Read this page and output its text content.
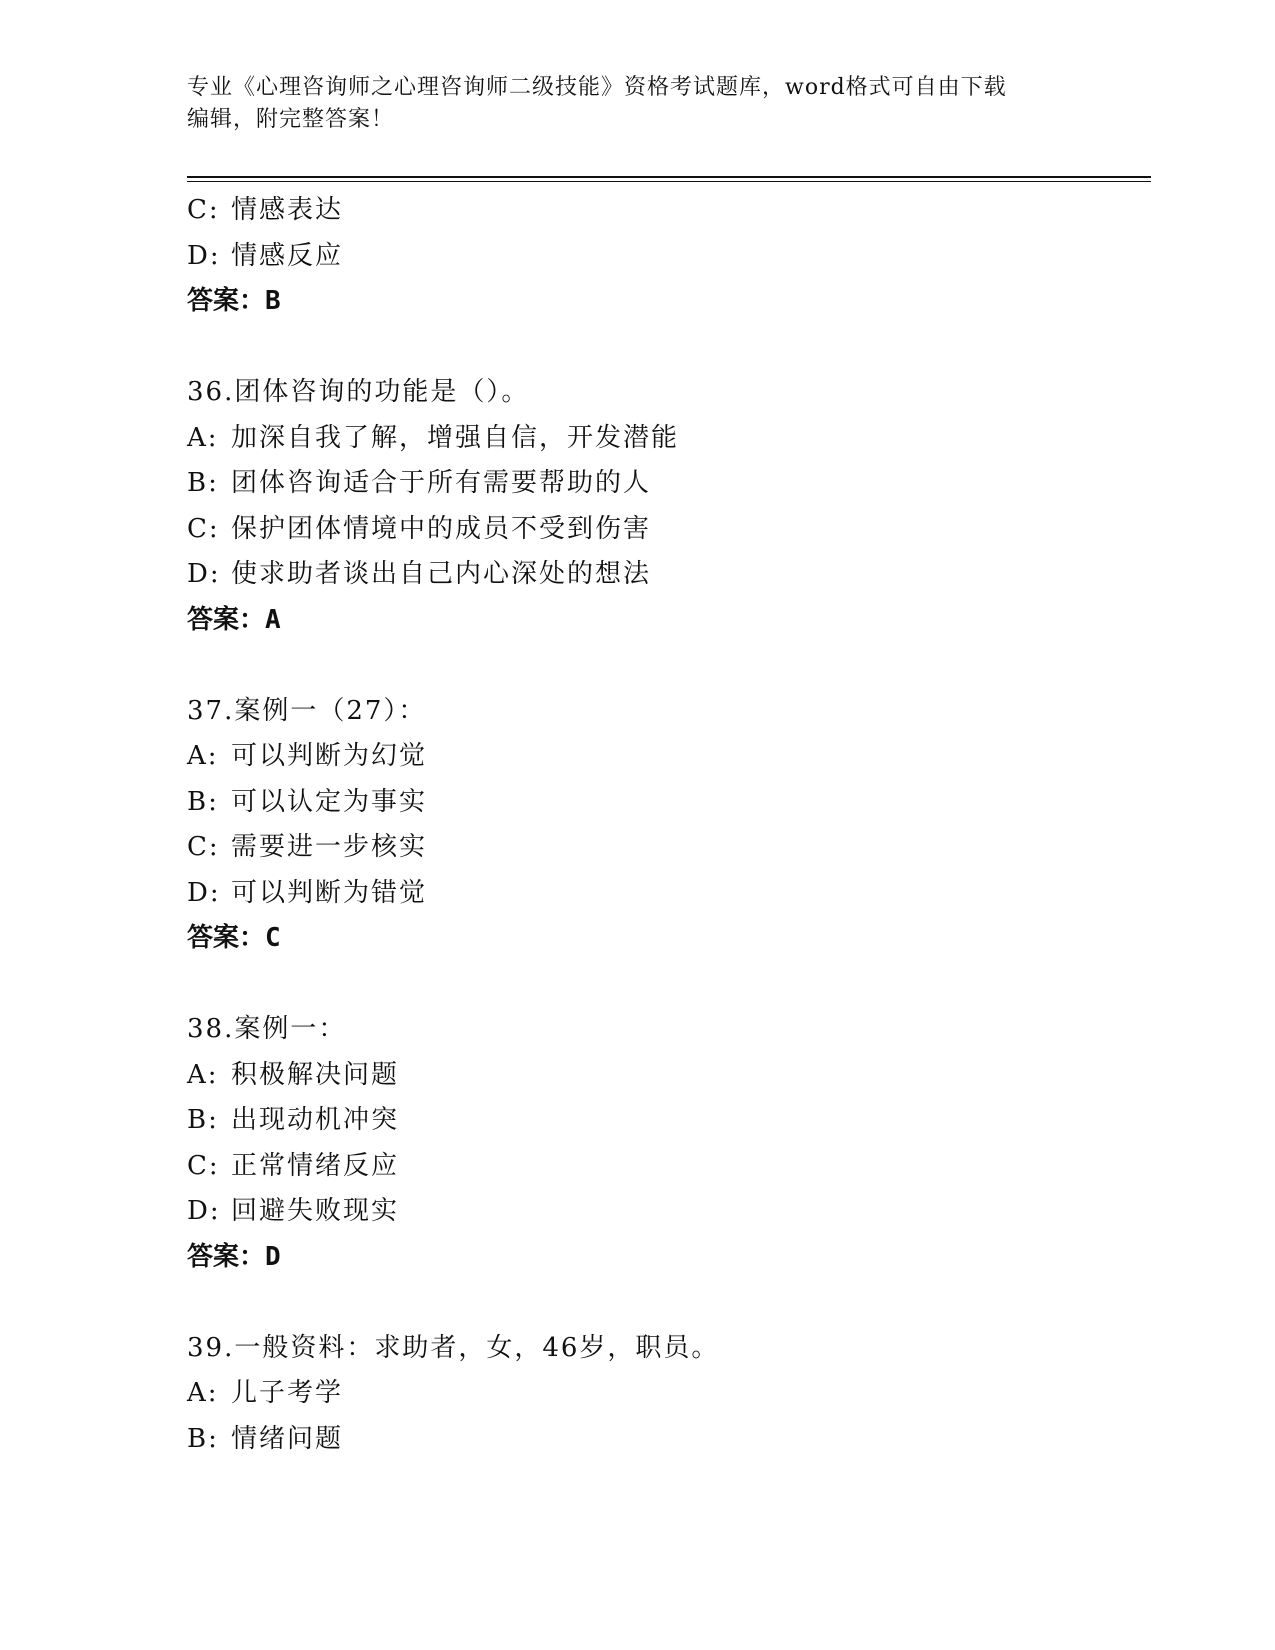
专业《心理咨询师之心理咨询师二级技能》资格考试题库，word格式可自由下载
编辑，附完整答案！
C: 情感表达
D: 情感反应
答案：B
36.团体咨询的功能是（）。
A: 加深自我了解，增强自信，开发潜能
B: 团体咨询适合于所有需要帮助的人
C: 保护团体情境中的成员不受到伤害
D: 使求助者谈出自己内心深处的想法
答案：A
37.案例一（27）：
A: 可以判断为幻觉
B: 可以认定为事实
C: 需要进一步核实
D: 可以判断为错觉
答案：C
38.案例一：
A: 积极解决问题
B: 出现动机冲突
C: 正常情绪反应
D: 回避失败现实
答案：D
39.一般资料：求助者，女，46岁，职员。
A: 儿子考学
B: 情绪问题
